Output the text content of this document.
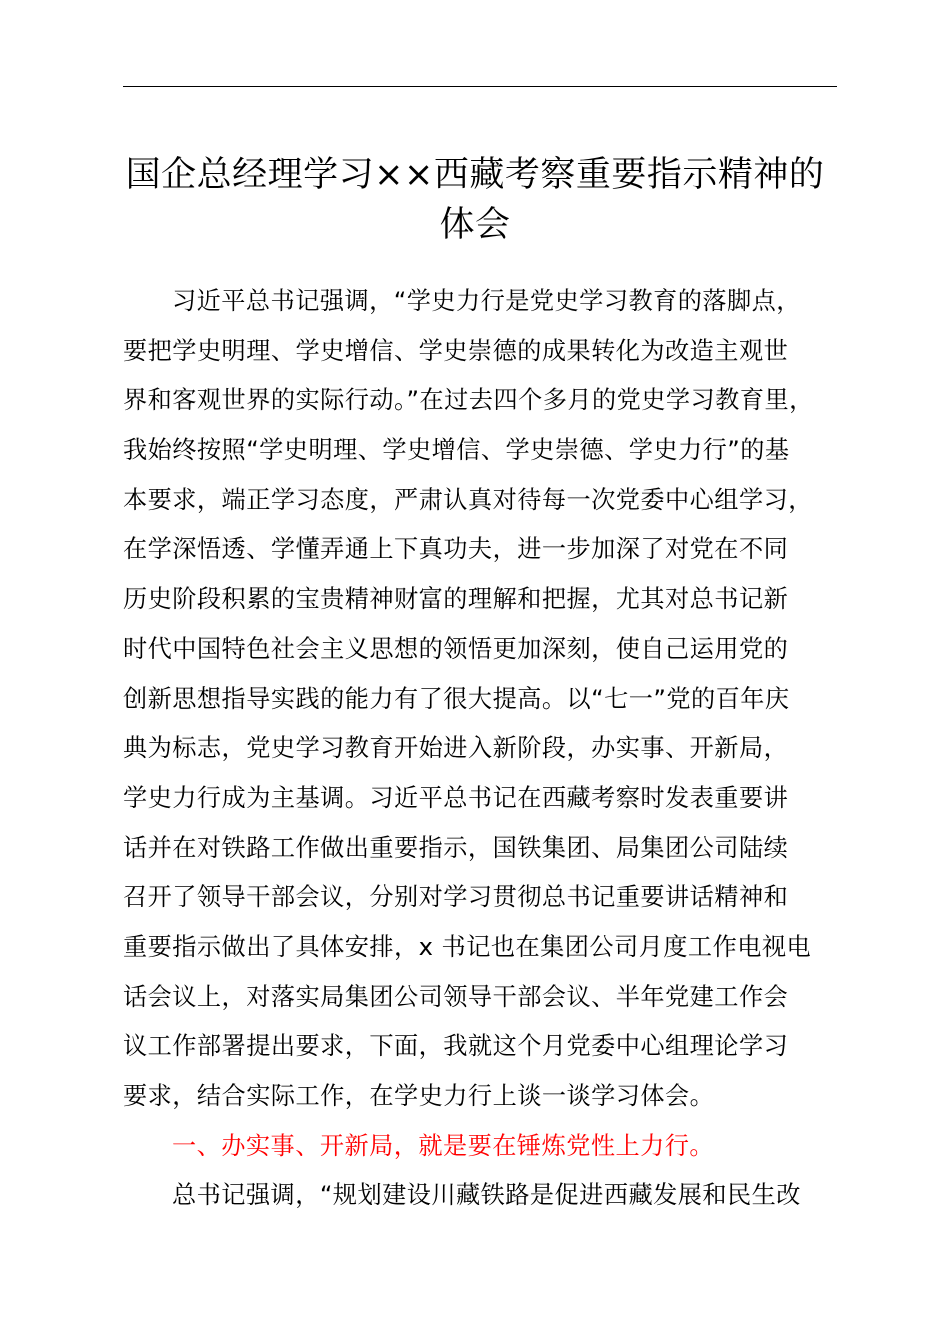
国企总经理学习××西藏考察重要指示精神的
体会
习近平总书记强调，“学史力行是党史学习教育的落脚点，
要把学史明理、学史增信、学史崇德的成果转化为改造主观世
界和客观世界的实际行动。”在过去四个多月的党史学习教育里，
我始终按照“学史明理、学史增信、学史崇德、学史力行”的基
本要求，端正学习态度，严肃认真对待每一次党委中心组学习，
在学深悟透、学懂弄通上下真功夫，进一步加深了对党在不同
历史阶段积累的宝贵精神财富的理解和把握，尤其对总书记新
时代中国特色社会主义思想的领悟更加深刻，使自己运用党的
创新思想指导实践的能力有了很大提高。以“七一”党的百年庆
典为标志，党史学习教育开始进入新阶段，办实事、开新局，
学史力行成为主基调。习近平总书记在西藏考察时发表重要讲
话并在对铁路工作做出重要指示，国铁集团、局集团公司陆续
召开了领导干部会议，分别对学习贯彻总书记重要讲话精神和
重要指示做出了具体安排，x 书记也在集团公司月度工作电视电
话会议上，对落实局集团公司领导干部会议、半年党建工作会
议工作部署提出要求，下面，我就这个月党委中心组理论学习
要求，结合实际工作，在学史力行上谈一谈学习体会。
一、办实事、开新局，就是要在锤炼党性上力行。
总书记强调，“规划建设川藏铁路是促进西藏发展和民生改
